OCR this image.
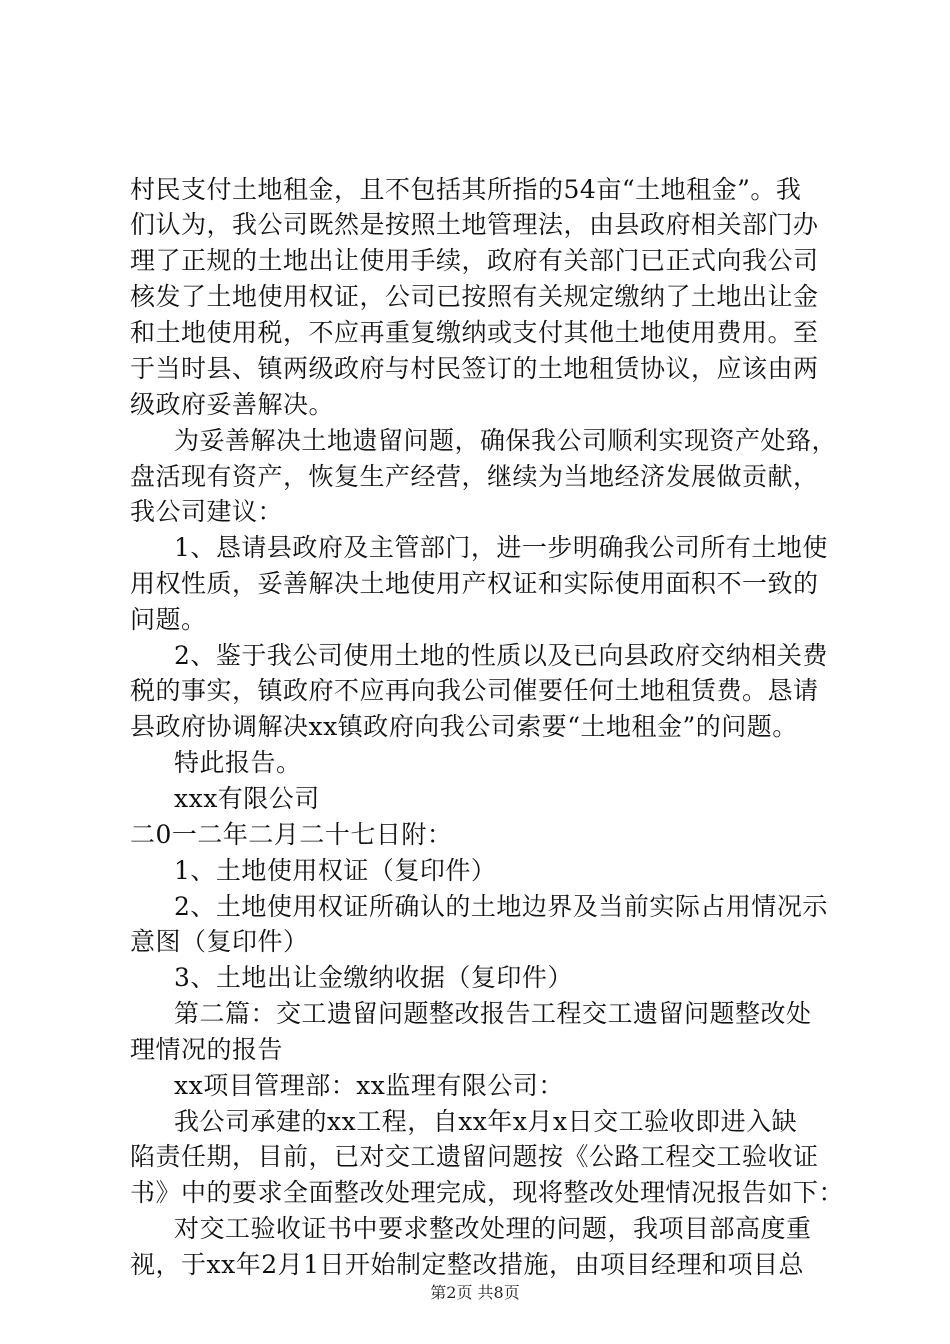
村民支付土地租金，且不包括其所指的54亩“土地租金”。我
们认为，我公司既然是按照土地管理法，由县政府相关部门办
理了正规的土地出让使用手续，政府有关部门已正式向我公司
核发了土地使用权证，公司已按照有关规定缴纳了土地出让金
和土地使用税，不应再重复缴纳或支付其他土地使用费用。至
于当时县、镇两级政府与村民签订的土地租赁协议，应该由两
级政府妥善解决。
为妥善解决土地遗留问题，确保我公司顺利实现资产处臵，
盘活现有资产，恢复生产经营，继续为当地经济发展做贡献，
我公司建议：
1、恳请县政府及主管部门，进一步明确我公司所有土地使
用权性质，妥善解决土地使用产权证和实际使用面积不一致的
问题。
2、鉴于我公司使用土地的性质以及已向县政府交纳相关费
税的事实，镇政府不应再向我公司催要任何土地租赁费。恳请
县政府协调解决xx镇政府向我公司索要“土地租金”的问题。
特此报告。
xxx有限公司
二0一二年二月二十七日附：
1、土地使用权证（复印件）
2、土地使用权证所确认的土地边界及当前实际占用情况示
意图（复印件）
3、土地出让金缴纳收据（复印件）
第二篇：交工遗留问题整改报告工程交工遗留问题整改处
理情况的报告
xx项目管理部：xx监理有限公司：
我公司承建的xx工程，自xx年x月x日交工验收即进入缺
陷责任期，目前，已对交工遗留问题按《公路工程交工验收证
书》中的要求全面整改处理完成，现将整改处理情况报告如下：
对交工验收证书中要求整改处理的问题，我项目部高度重
视，于xx年2月1日开始制定整改措施，由项目经理和项目总
第2页 共8页
